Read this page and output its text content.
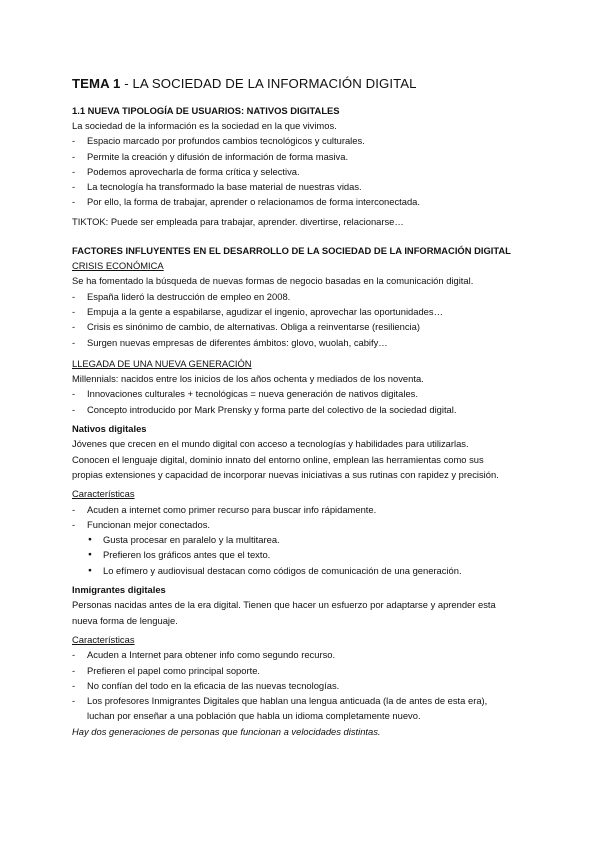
TEMA 1 - LA SOCIEDAD DE LA INFORMACIÓN DIGITAL
1.1 NUEVA TIPOLOGÍA DE USUARIOS: NATIVOS DIGITALES
La sociedad de la información es la sociedad en la que vivimos.
- Espacio marcado por profundos cambios tecnológicos y culturales.
- Permite la creación y difusión de información de forma masiva.
- Podemos aprovecharla de forma crítica y selectiva.
- La tecnología ha transformado la base material de nuestras vidas.
- Por ello, la forma de trabajar, aprender o relacionamos de forma interconectada.
TIKTOK: Puede ser empleada para trabajar, aprender. divertirse, relacionarse…
FACTORES INFLUYENTES EN EL DESARROLLO DE LA SOCIEDAD DE LA INFORMACIÓN DIGITAL
CRISIS ECONÓMICA
Se ha fomentado la búsqueda de nuevas formas de negocio basadas en la comunicación digital.
- España lideró la destrucción de empleo en 2008.
- Empuja a la gente a espabilarse, agudizar el ingenio, aprovechar las oportunidades…
- Crisis es sinónimo de cambio, de alternativas. Obliga a reinventarse (resiliencia)
- Surgen nuevas empresas de diferentes ámbitos: glovo, wuolah, cabify…
LLEGADA DE UNA NUEVA GENERACIÓN
Millennials: nacidos entre los inicios de los años ochenta y mediados de los noventa.
- Innovaciones culturales + tecnológicas = nueva generación de nativos digitales.
- Concepto introducido por Mark Prensky y forma parte del colectivo de la sociedad digital.
Nativos digitales
Jóvenes que crecen en el mundo digital con acceso a tecnologías y habilidades para utilizarlas.
Conocen el lenguaje digital, dominio innato del entorno online, emplean las herramientas como sus
propias extensiones y capacidad de incorporar nuevas iniciativas a sus rutinas con rapidez y precisión.
Características
- Acuden a internet como primer recurso para buscar info rápidamente.
- Funcionan mejor conectados.
● Gusta procesar en paralelo y la multitarea.
● Prefieren los gráficos antes que el texto.
● Lo efímero y audiovisual destacan como códigos de comunicación de una generación.
Inmigrantes digitales
Personas nacidas antes de la era digital. Tienen que hacer un esfuerzo por adaptarse y aprender esta
nueva forma de lenguaje.
Características
- Acuden a Internet para obtener info como segundo recurso.
- Prefieren el papel como principal soporte.
- No confían del todo en la eficacia de las nuevas tecnologías.
- Los profesores Inmigrantes Digitales que hablan una lengua anticuada (la de antes de esta era),
luchan por enseñar a una población que habla un idioma completamente nuevo.
Hay dos generaciones de personas que funcionan a velocidades distintas.
